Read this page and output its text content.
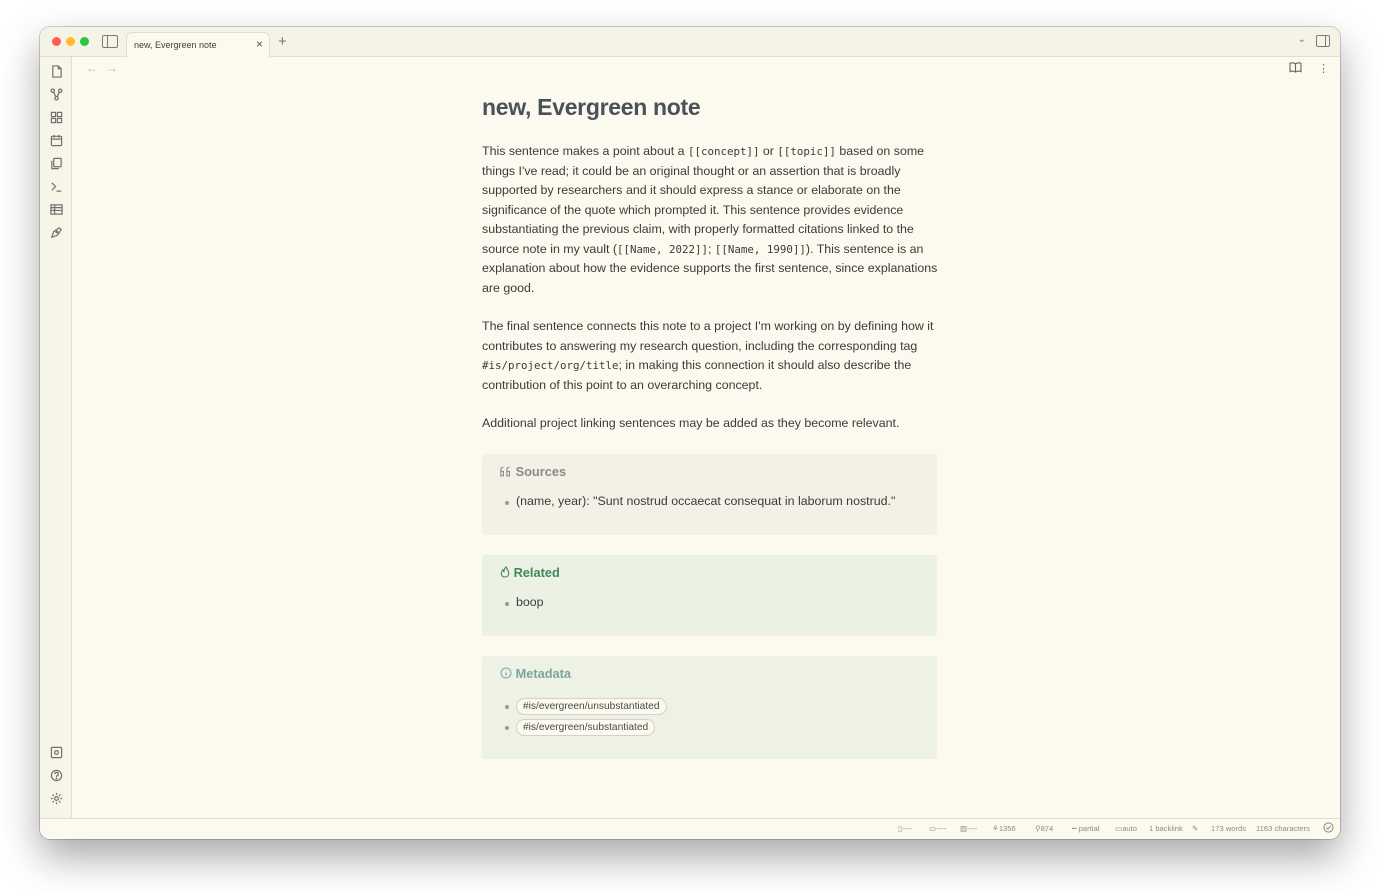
new, Evergreen note	× +	⌄
← →	⋮
new, Evergreen note

This sentence makes a point about a [[concept]] or [[topic]] based on some things I've read; it could be an original thought or an assertion that is broadly supported by researchers and it should express a stance or elaborate on the significance of the quote which prompted it. This sentence provides evidence substantiating the previous claim, with properly formatted citations linked to the source note in my vault ([[Name, 2022]]; [[Name, 1990]]). This sentence is an explanation about how the evidence supports the first sentence, since explanations are good.

The final sentence connects this note to a project I'm working on by defining how it contributes to answering my research question, including the corresponding tag #is/project/org/title; in making this connection it should also describe the contribution of this point to an overarching concept.

Additional project linking sentences may be added as they become relevant.

Sources
(name, year): "Sunt nostrud occaecat consequat in laborum nostrud."
Related
boop
Metadata
#is/evergreen/unsubstantiated
#is/evergreen/substantiated
▯---- ▭---- ▥---- ⚘1356	⚲874 ╍ partial ▭auto 1 backlink ✎ 173 words 1163 characters
